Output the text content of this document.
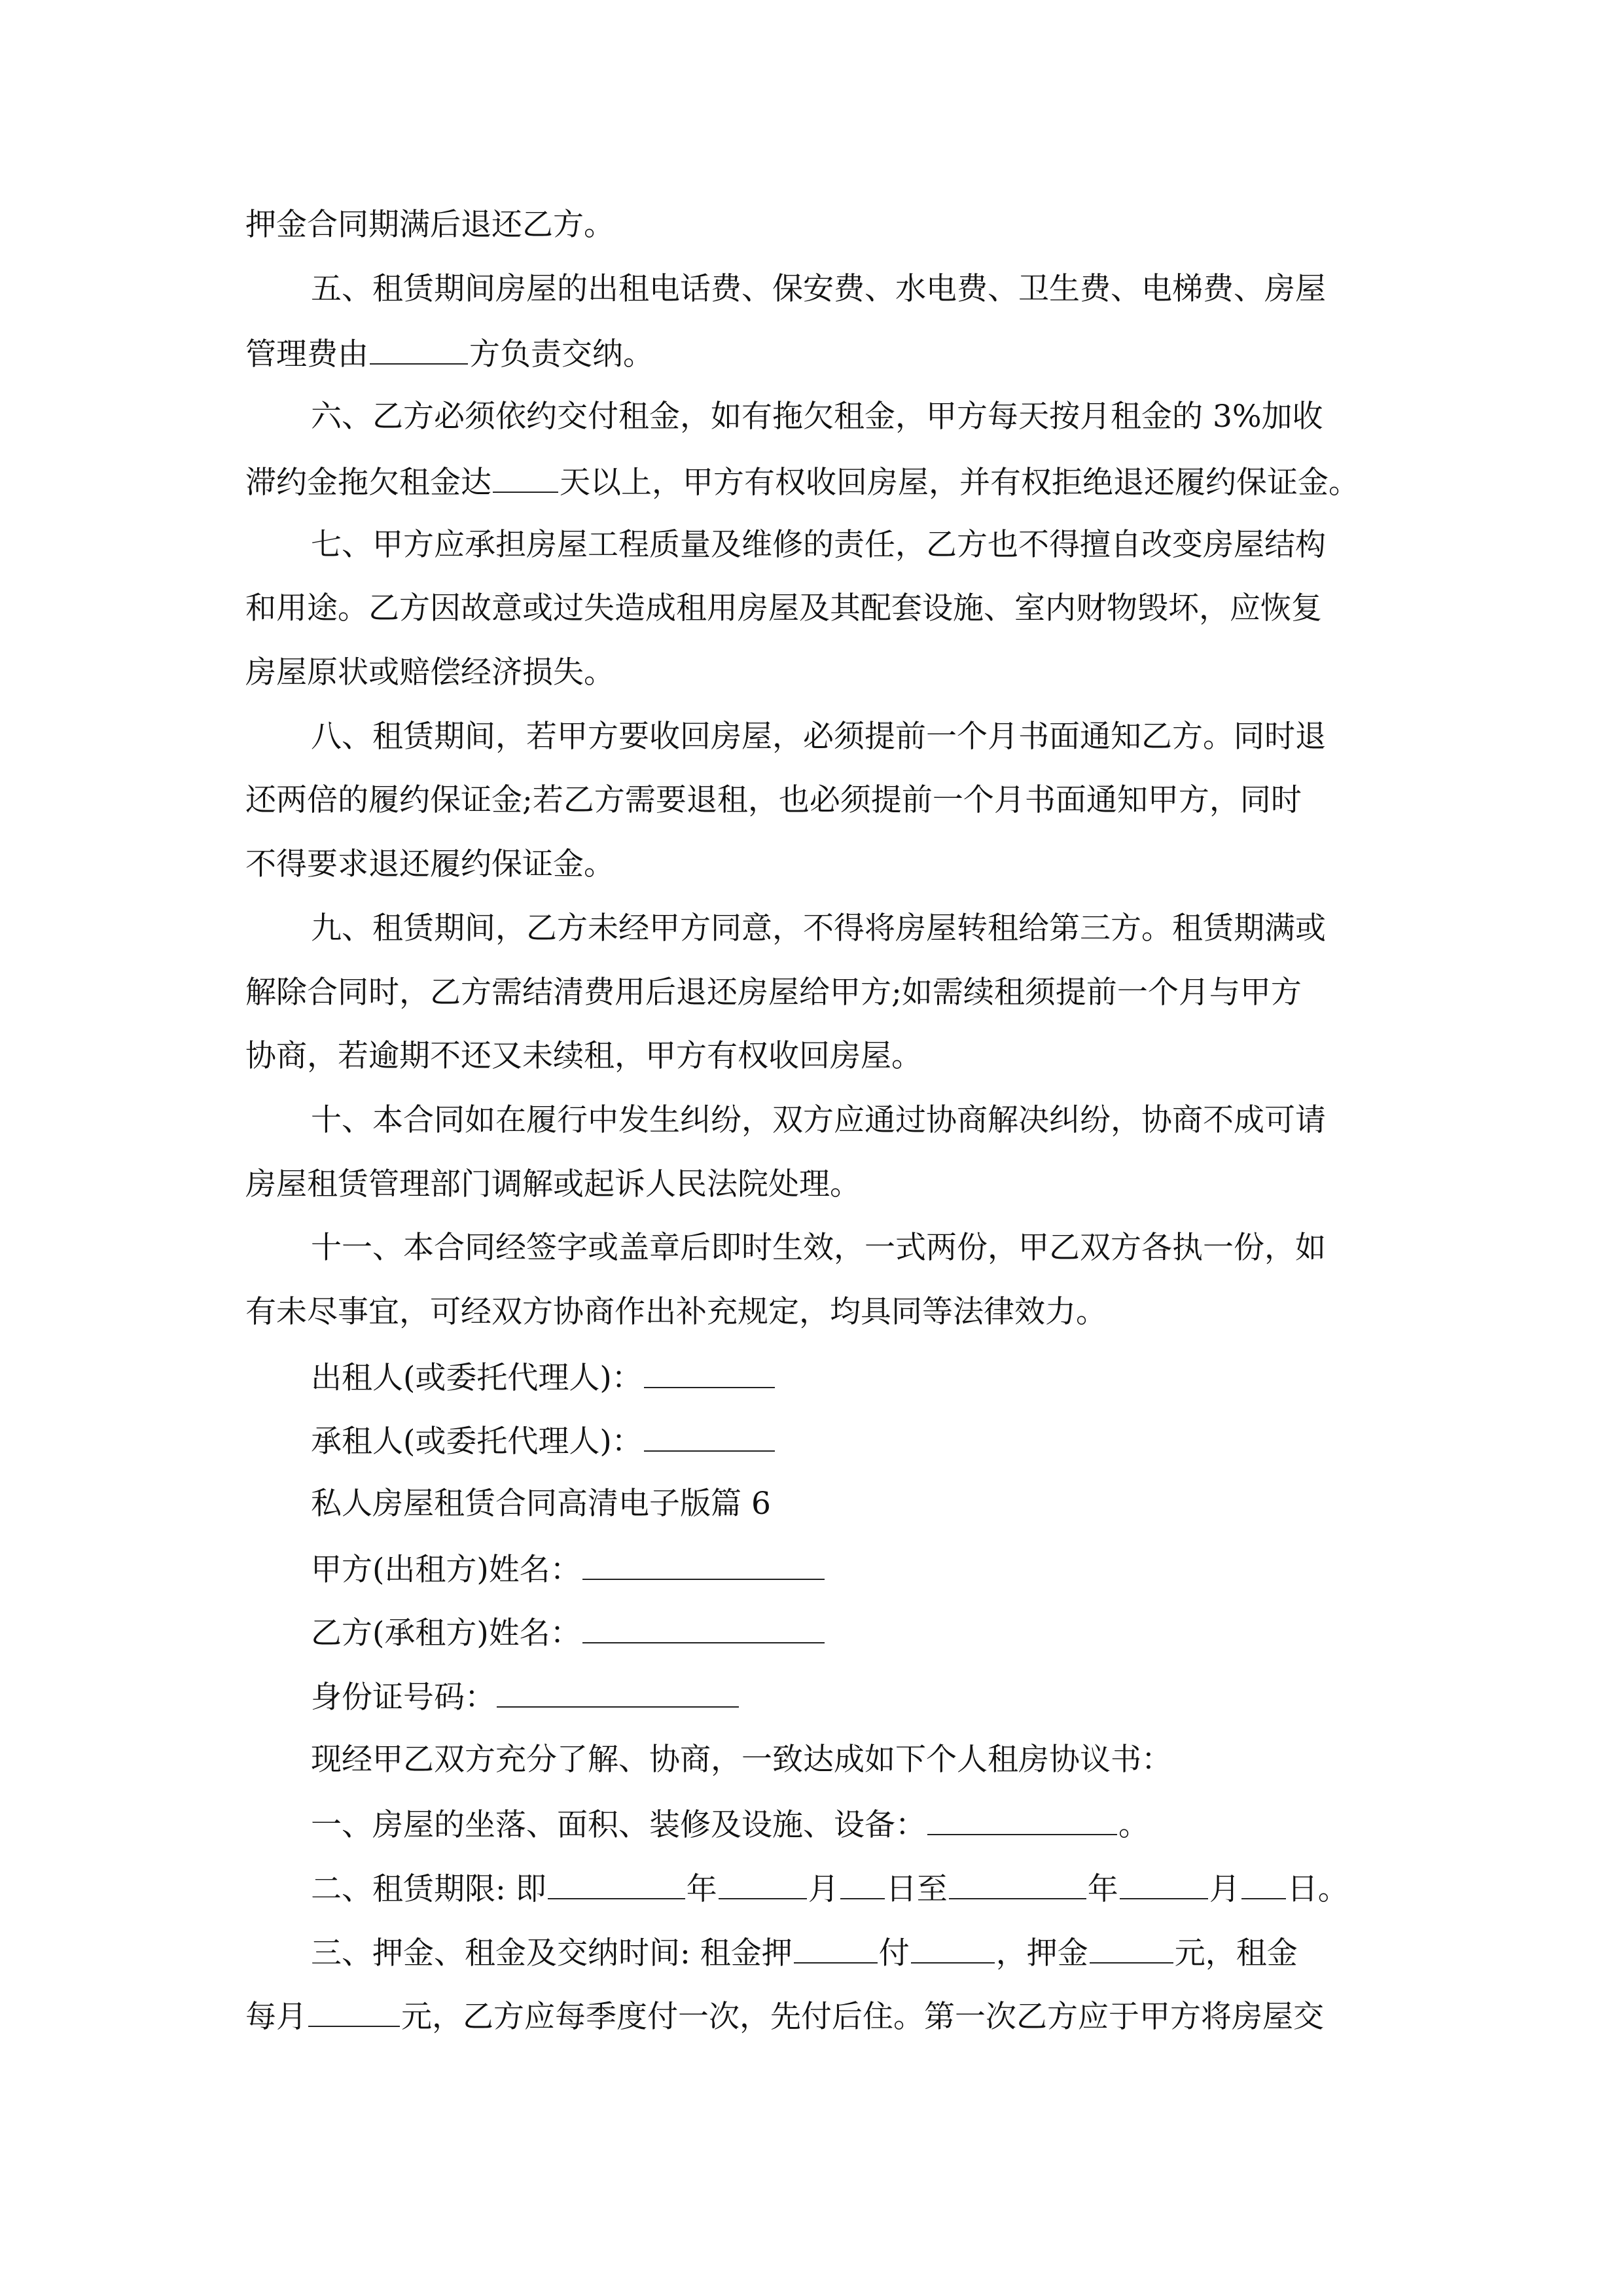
押金合同期满后退还乙方。
五、租赁期间房屋的出租电话费、保安费、水电费、卫生费、电梯费、房屋
管理费由	方负责交纳。
六、乙方必须依约交付租金，如有拖欠租金，甲方每天按月租金的 3%加收
滞约金拖欠租金达 天以上，甲方有权收回房屋，并有权拒绝退还履约保证金。
七、甲方应承担房屋工程质量及维修的责任，乙方也不得擅自改变房屋结构
和用途。乙方因故意或过失造成租用房屋及其配套设施、室内财物毁坏，应恢复
房屋原状或赔偿经济损失。
八、租赁期间，若甲方要收回房屋，必须提前一个月书面通知乙方。同时退
还两倍的履约保证金;若乙方需要退租，也必须提前一个月书面通知甲方，同时
不得要求退还履约保证金。
九、租赁期间，乙方未经甲方同意，不得将房屋转租给第三方。租赁期满或
解除合同时，乙方需结清费用后退还房屋给甲方;如需续租须提前一个月与甲方
协商，若逾期不还又未续租，甲方有权收回房屋。
十、本合同如在履行中发生纠纷，双方应通过协商解决纠纷，协商不成可请
房屋租赁管理部门调解或起诉人民法院处理。
十一、本合同经签字或盖章后即时生效，一式两份，甲乙双方各执一份，如
有未尽事宜，可经双方协商作出补充规定，均具同等法律效力。
出租人(或委托代理人)：
承租人(或委托代理人)：
私人房屋租赁合同高清电子版篇 6
甲方(出租方)姓名：
乙方(承租方)姓名：
身份证号码：
现经甲乙双方充分了解、协商，一致达成如下个人租房协议书：
一、房屋的坐落、面积、装修及设施、设备：	。
二、租赁期限: 即	年	月 日至	年	月 日。
三、押金、租金及交纳时间: 租金押	付	，押金	元，租金
每月	元，乙方应每季度付一次，先付后住。第一次乙方应于甲方将房屋交
